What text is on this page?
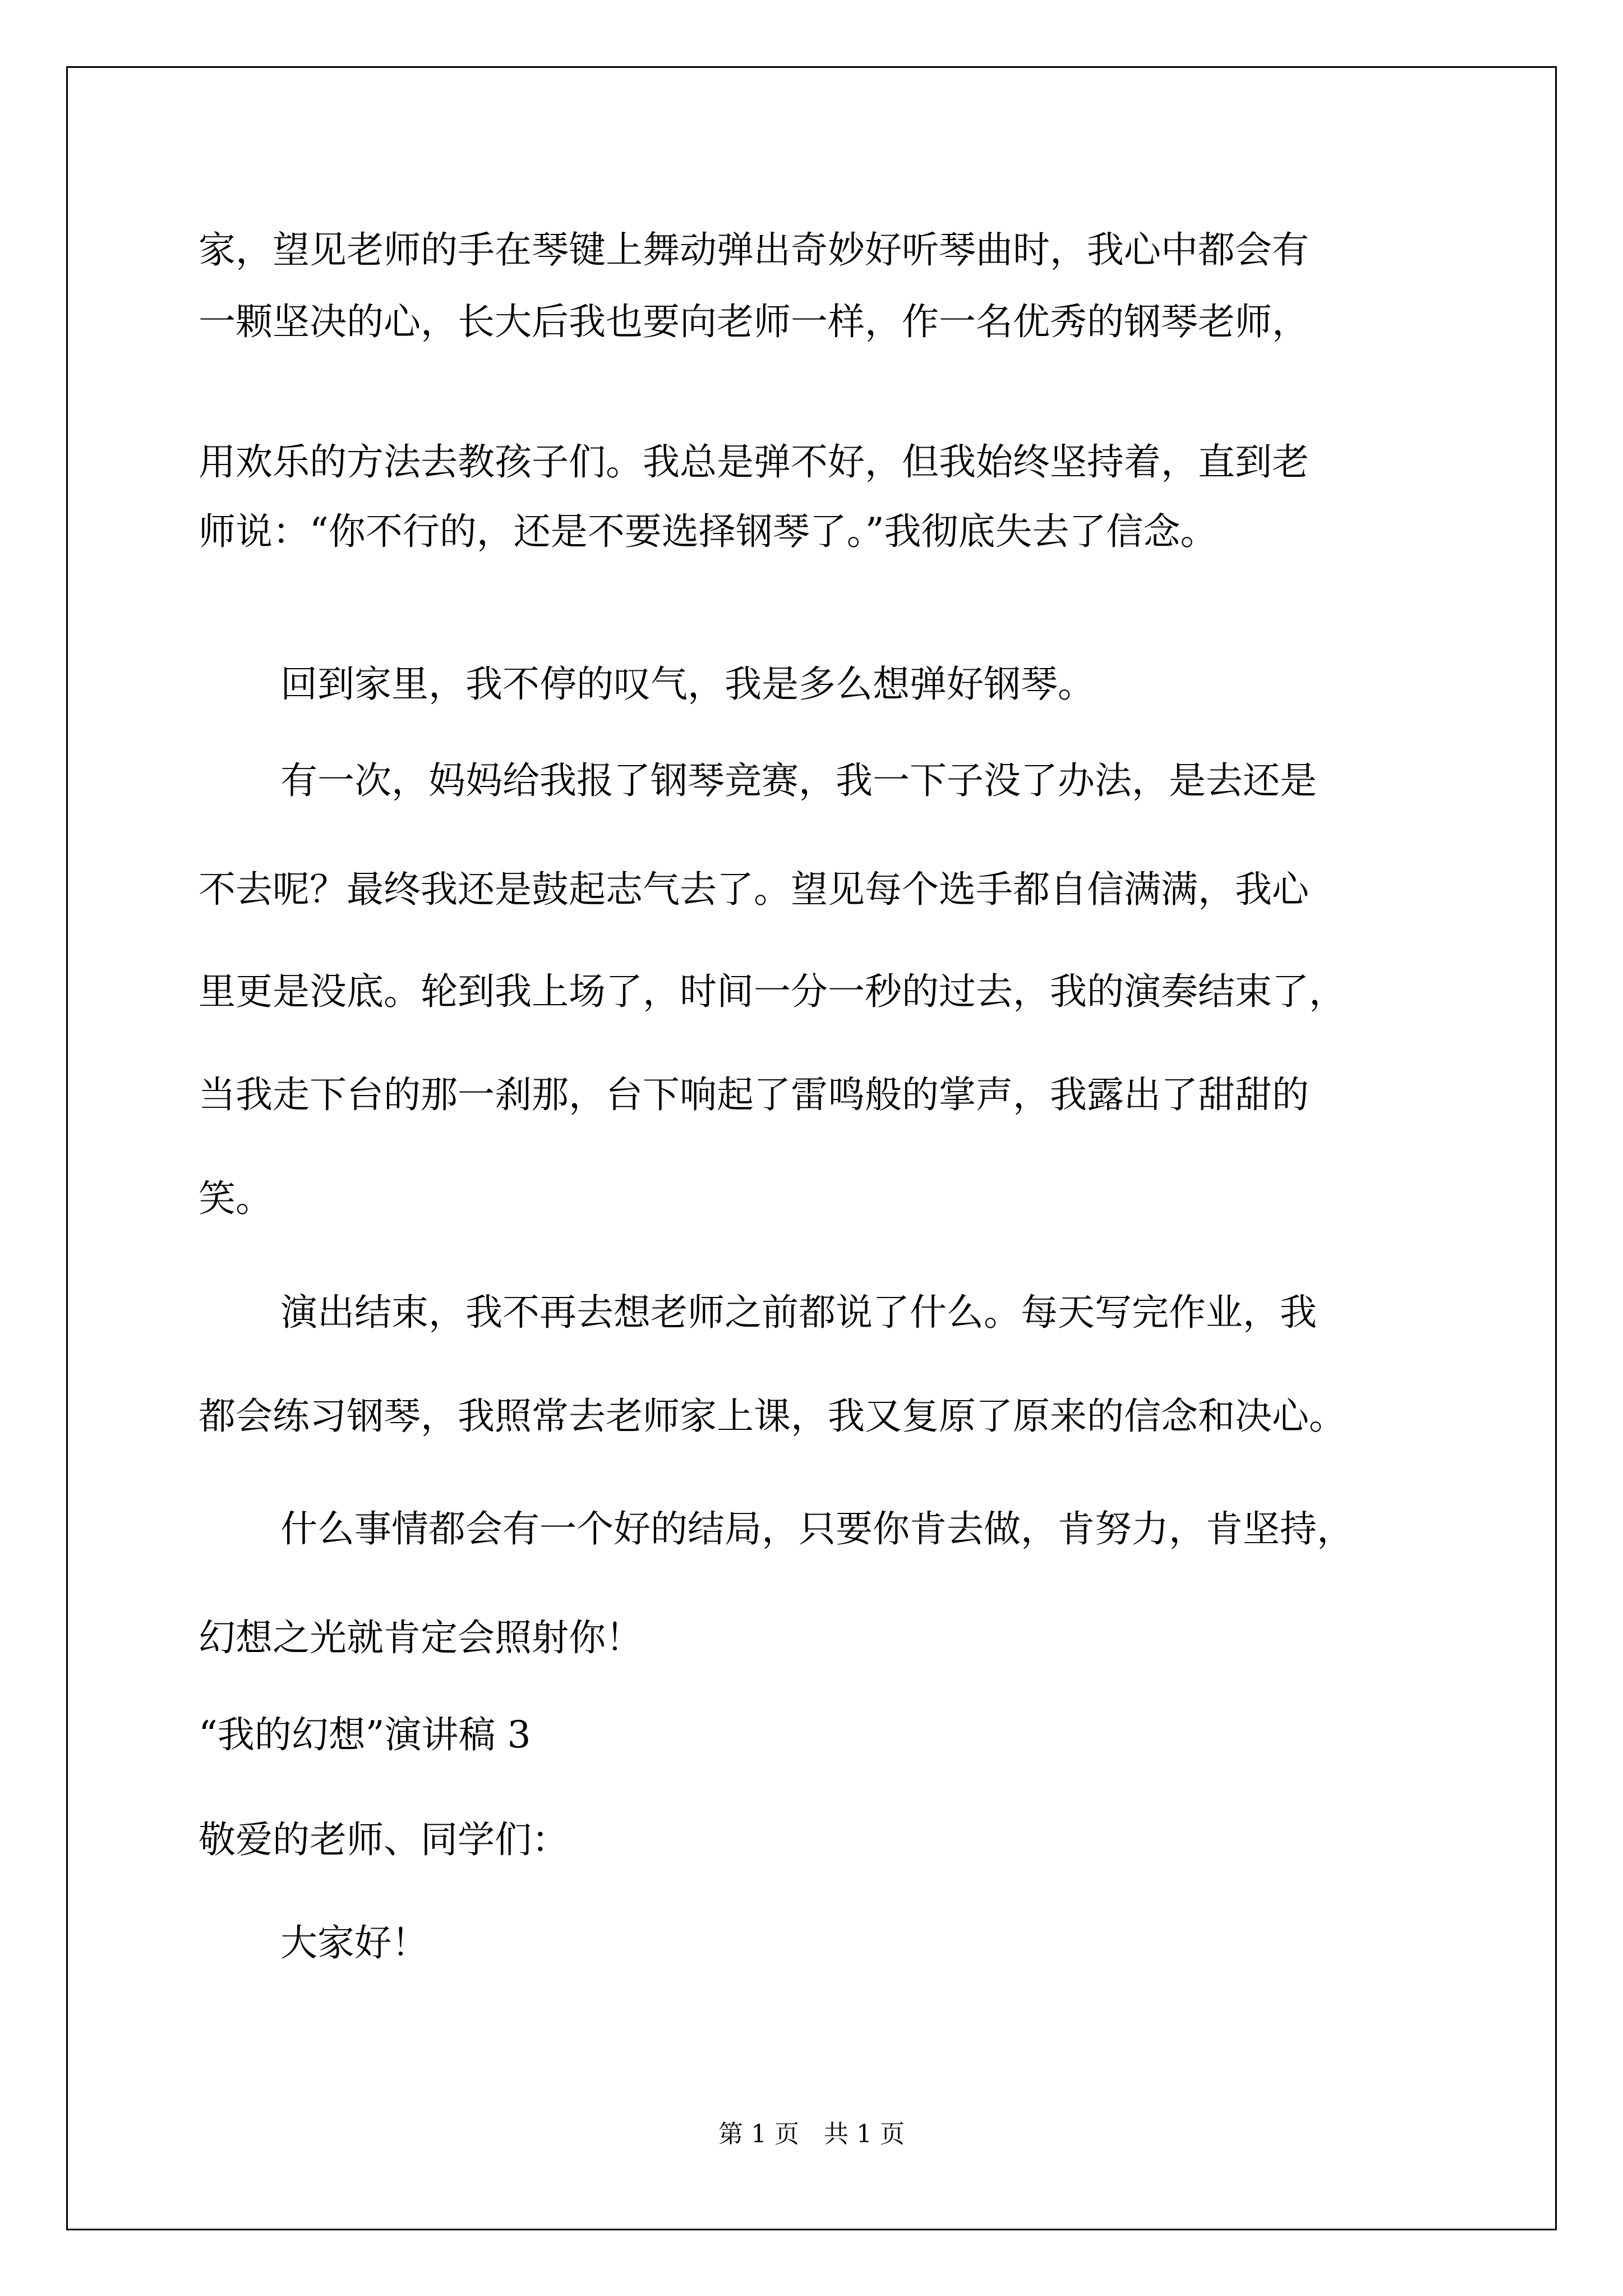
家，望见老师的手在琴键上舞动弹出奇妙好听琴曲时，我心中都会有
一颗坚决的心，长大后我也要向老师一样，作一名优秀的钢琴老师，
用欢乐的方法去教孩子们。我总是弹不好，但我始终坚持着，直到老
师说：“你不行的，还是不要选择钢琴了。”我彻底失去了信念。
回到家里，我不停的叹气，我是多么想弹好钢琴。
有一次，妈妈给我报了钢琴竞赛，我一下子没了办法，是去还是
不去呢？最终我还是鼓起志气去了。望见每个选手都自信满满，我心
里更是没底。轮到我上场了，时间一分一秒的过去，我的演奏结束了，
当我走下台的那一刹那，台下响起了雷鸣般的掌声，我露出了甜甜的
笑。
演出结束，我不再去想老师之前都说了什么。每天写完作业，我
都会练习钢琴，我照常去老师家上课，我又复原了原来的信念和决心。
什么事情都会有一个好的结局，只要你肯去做，肯努力，肯坚持，
幻想之光就肯定会照射你！
“我的幻想”演讲稿 3
敬爱的老师、同学们：
大家好！
第 1 页　共 1 页
